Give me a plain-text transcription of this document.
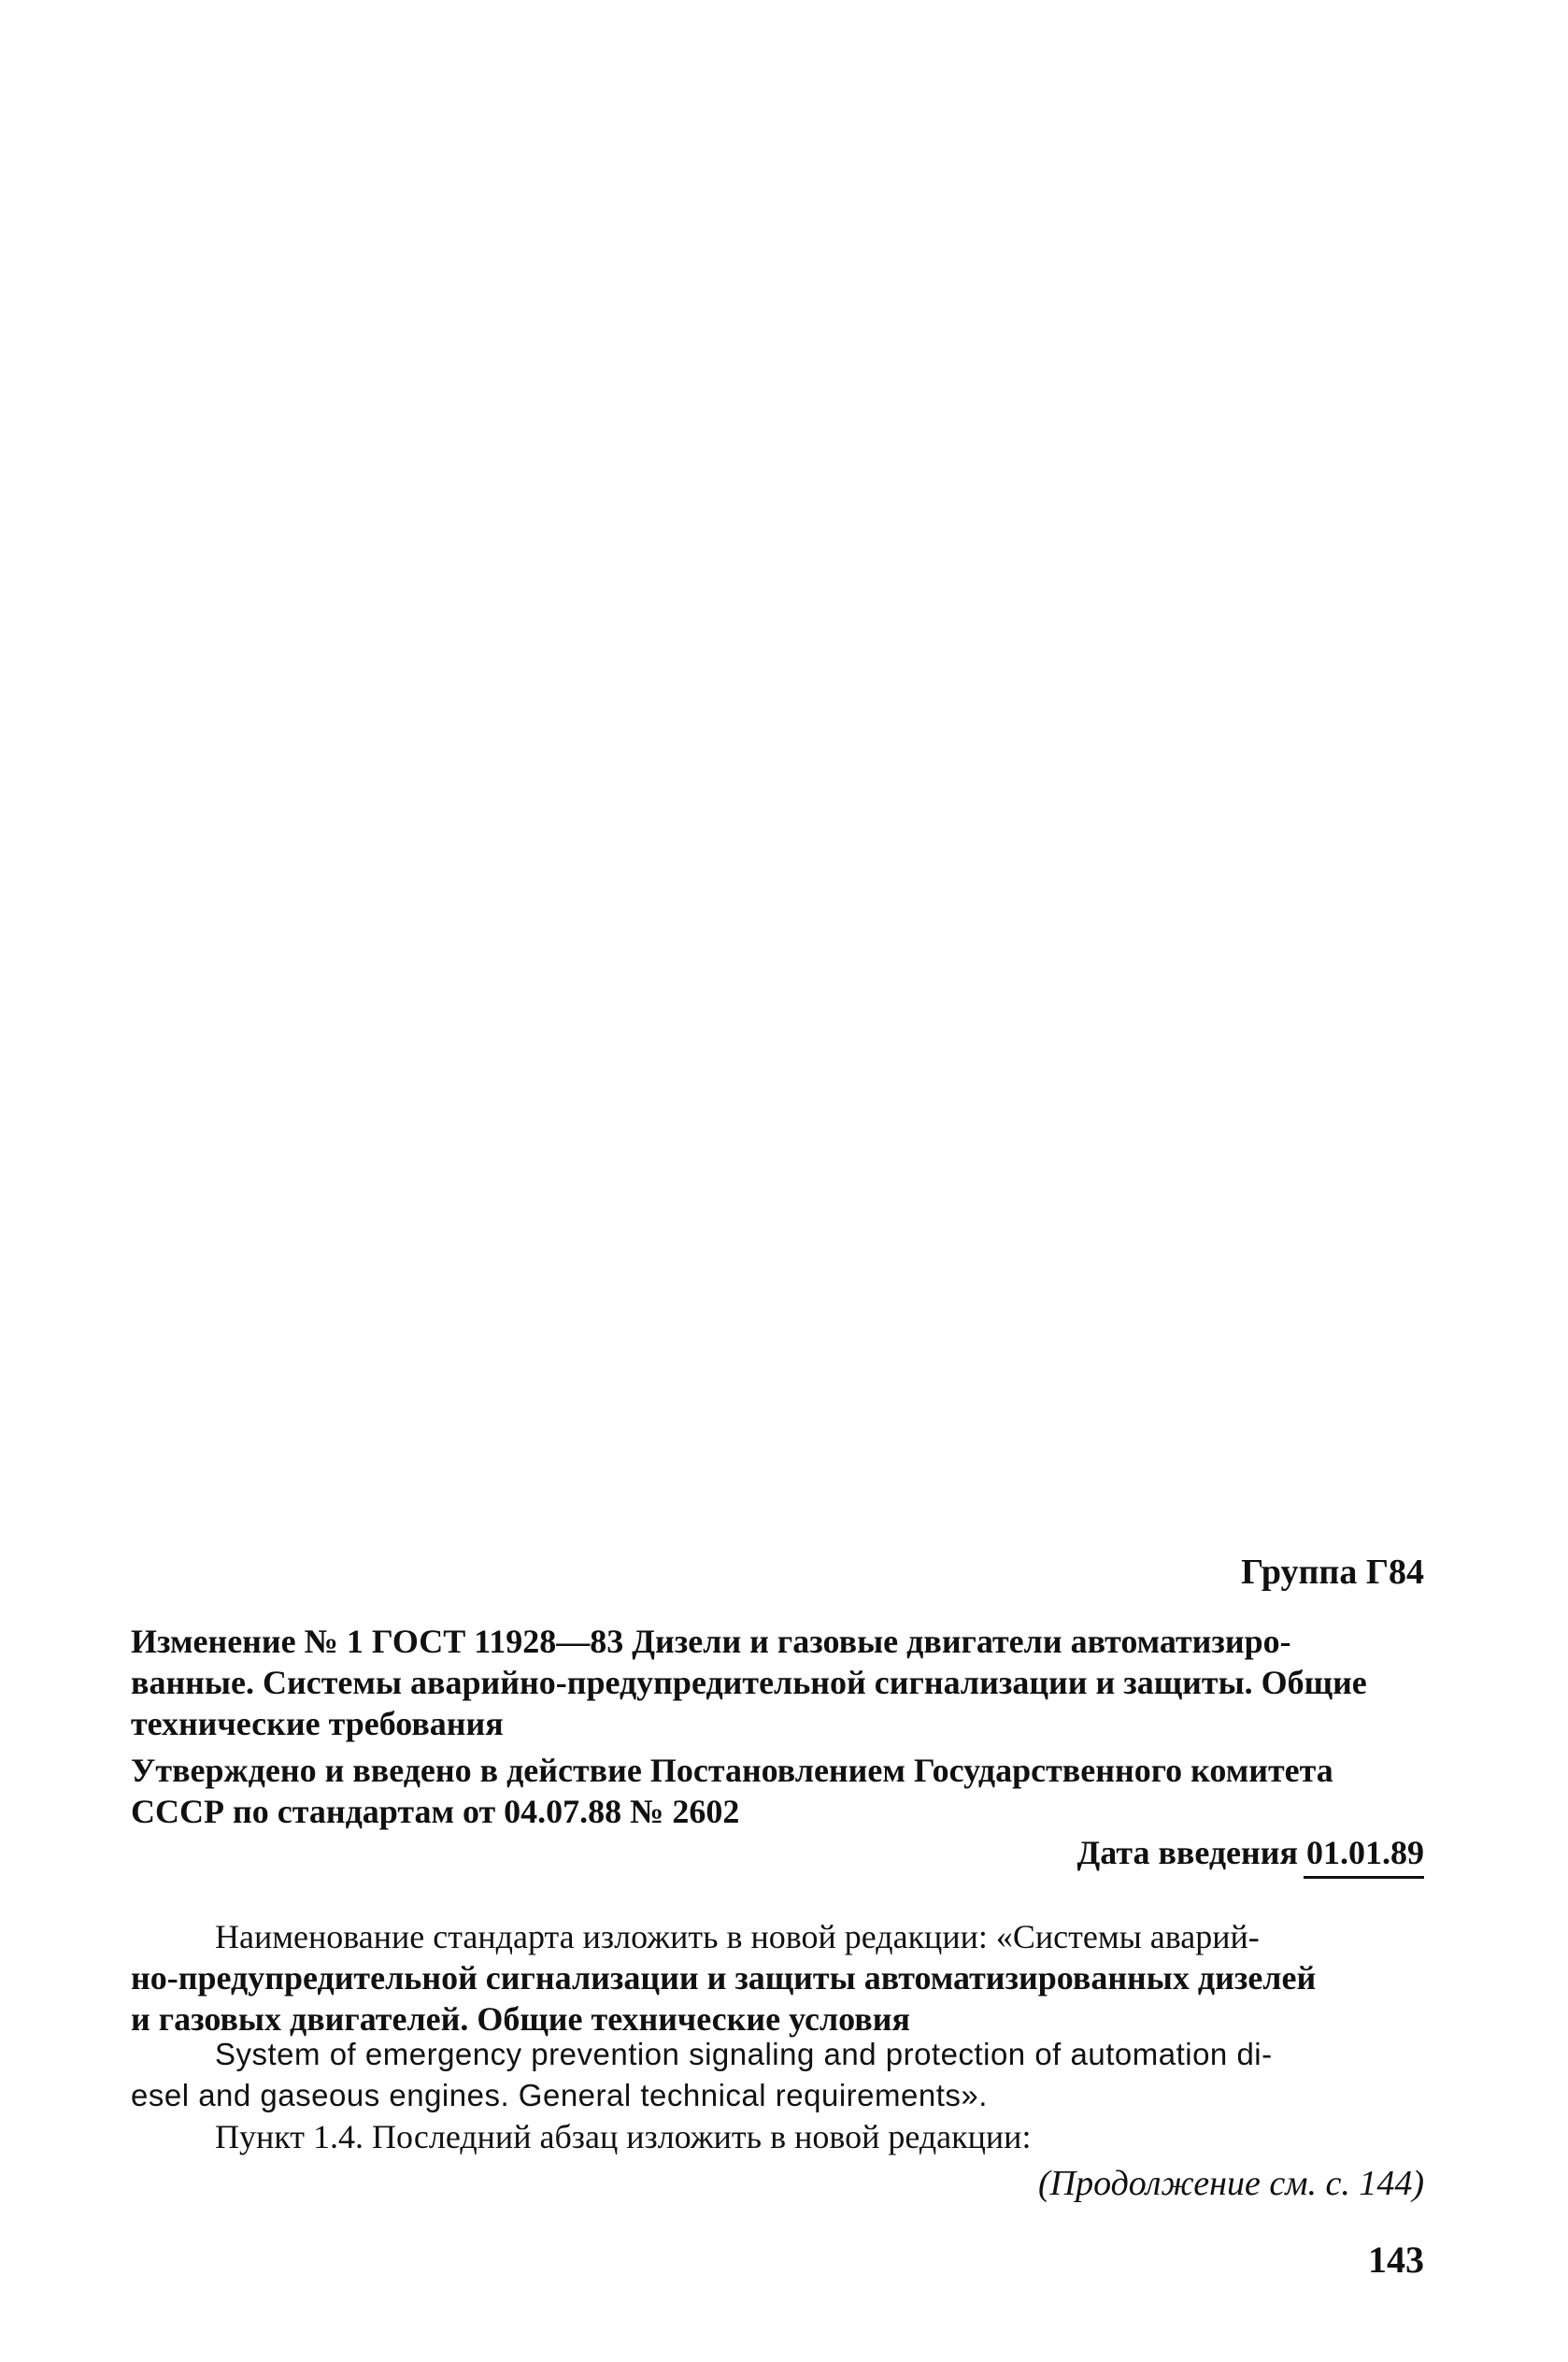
Группа Г84
Изменение № 1 ГОСТ 11928—83 Дизели и газовые двигатели автоматизиро-
ванные. Системы аварийно-предупредительной сигнализации и защиты. Общие
технические требования
Утверждено и введено в действие Постановлением Государственного комитета
СССР по стандартам от 04.07.88 № 2602
Дата введения 01.01.89
Наименование стандарта изложить в новой редакции: «Системы аварий-
но-предупредительной сигнализации и защиты автоматизированных дизелей
и газовых двигателей. Общие технические условия
System of emergency prevention signaling and protection of automation di-
esel and gaseous engines. General technical requirements».
Пункт 1.4. Последний абзац изложить в новой редакции:
(Продолжение см. с. 144)
143
